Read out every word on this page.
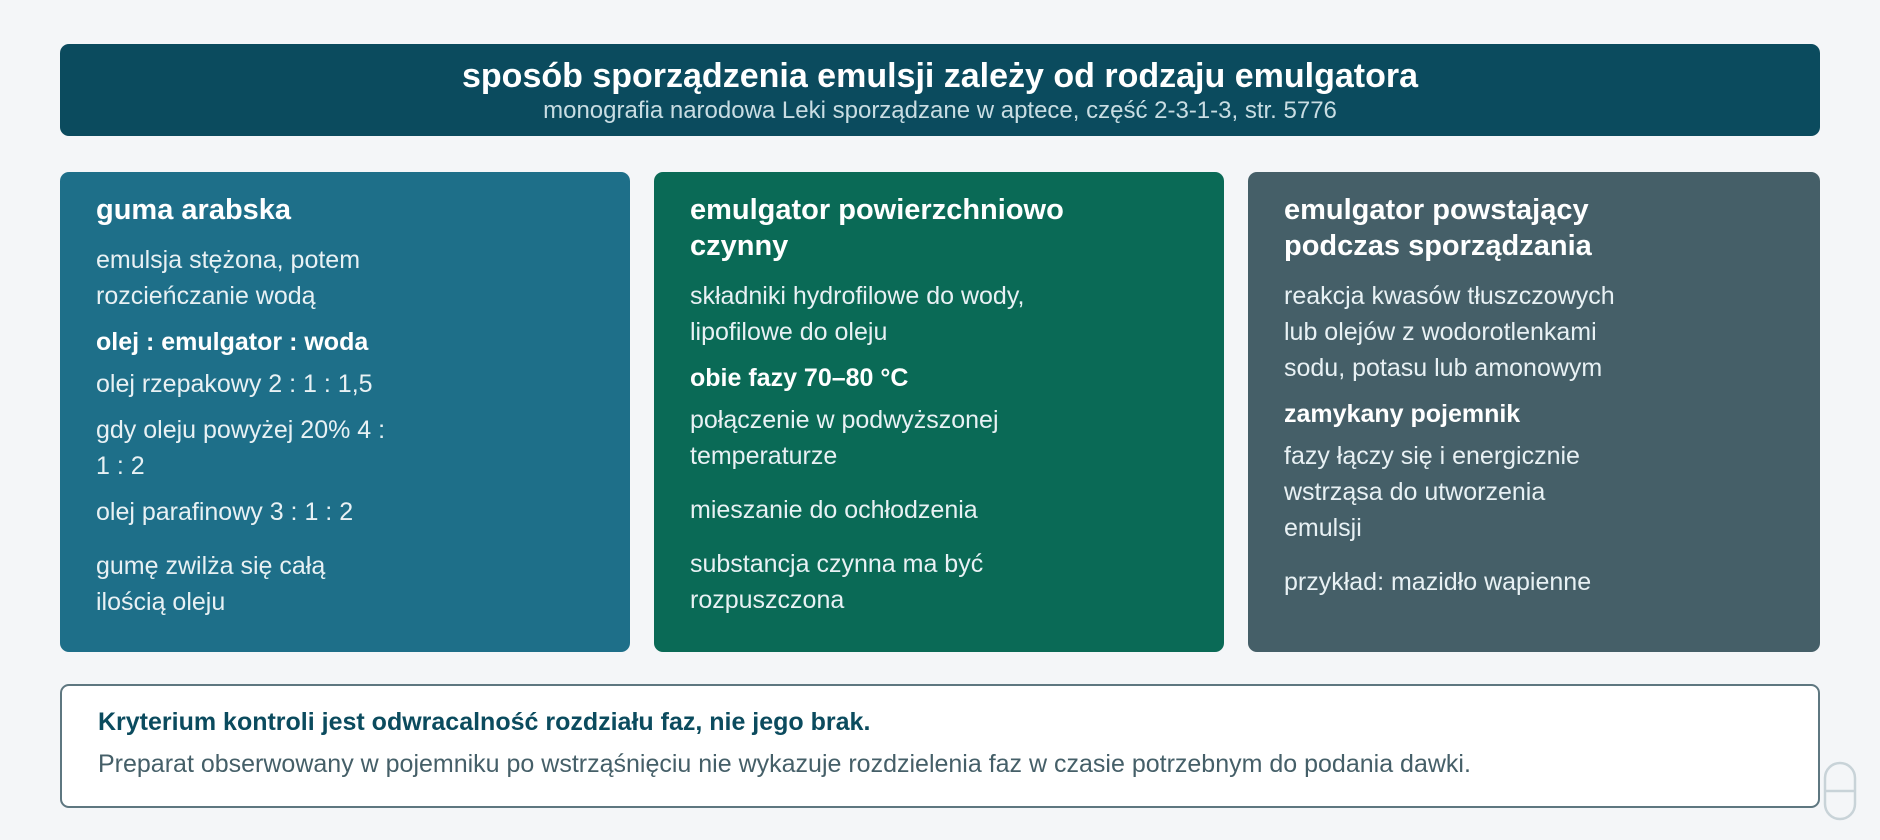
sposób sporządzenia emulsji zależy od rodzaju emulgatora
monografia narodowa Leki sporządzane w aptece, część 2-3-1-3, str. 5776
guma arabska
emulsja stężona, potem rozcieńczanie wodą
olej : emulgator : woda
olej rzepakowy 2 : 1 : 1,5
gdy oleju powyżej 20% 4 : 1 : 2
olej parafinowy 3 : 1 : 2
gumę zwilża się całą ilością oleju
emulgator powierzchniowo czynny
składniki hydrofilowe do wody, lipofilowe do oleju
obie fazy 70–80 °C
połączenie w podwyższonej temperaturze
mieszanie do ochłodzenia
substancja czynna ma być rozpuszczona
emulgator powstający podczas sporządzania
reakcja kwasów tłuszczowych lub olejów z wodorotlenkami sodu, potasu lub amonowym
zamykany pojemnik
fazy łączy się i energicznie wstrząsa do utworzenia emulsji
przykład: mazidło wapienne
Kryterium kontroli jest odwracalność rozdziału faz, nie jego brak.
Preparat obserwowany w pojemniku po wstrząśnięciu nie wykazuje rozdzielenia faz w czasie potrzebnym do podania dawki.
